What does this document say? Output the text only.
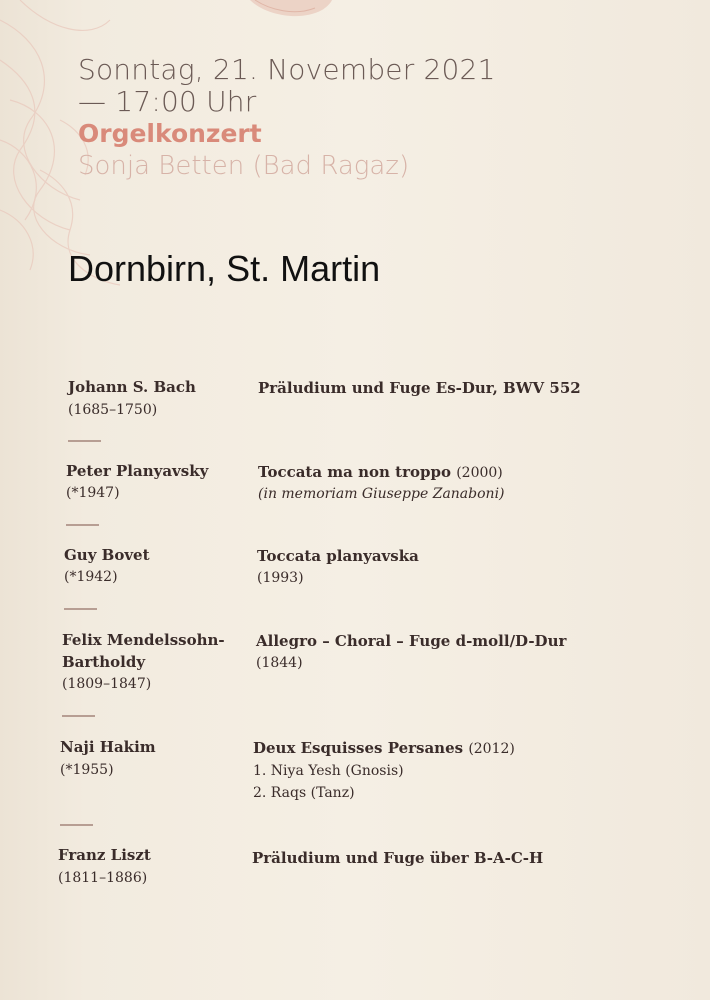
Sonntag, 21. November 2021

— 17:00 Uhr

Orgelkonzert

Sonja Betten (Bad Ragaz)

Dornbirn, St. Martin
Johann S. Bach
(1685–1750)
Präludium und Fuge Es-Dur, BWV 552
Peter Planyavsky
(*1947)
Toccata ma non troppo (2000)
(in memoriam Giuseppe Zanaboni)
Guy Bovet
(*1942)
Toccata planyavska
(1993)
Felix Mendelssohn-
Bartholdy
(1809–1847)
Allegro – Choral – Fuge d-moll/D-Dur
(1844)
Naji Hakim
(*1955)
Deux Esquisses Persanes (2012)
1. Niya Yesh (Gnosis)
2. Raqs (Tanz)
Franz Liszt
(1811–1886)
Präludium und Fuge über B-A-C-H
